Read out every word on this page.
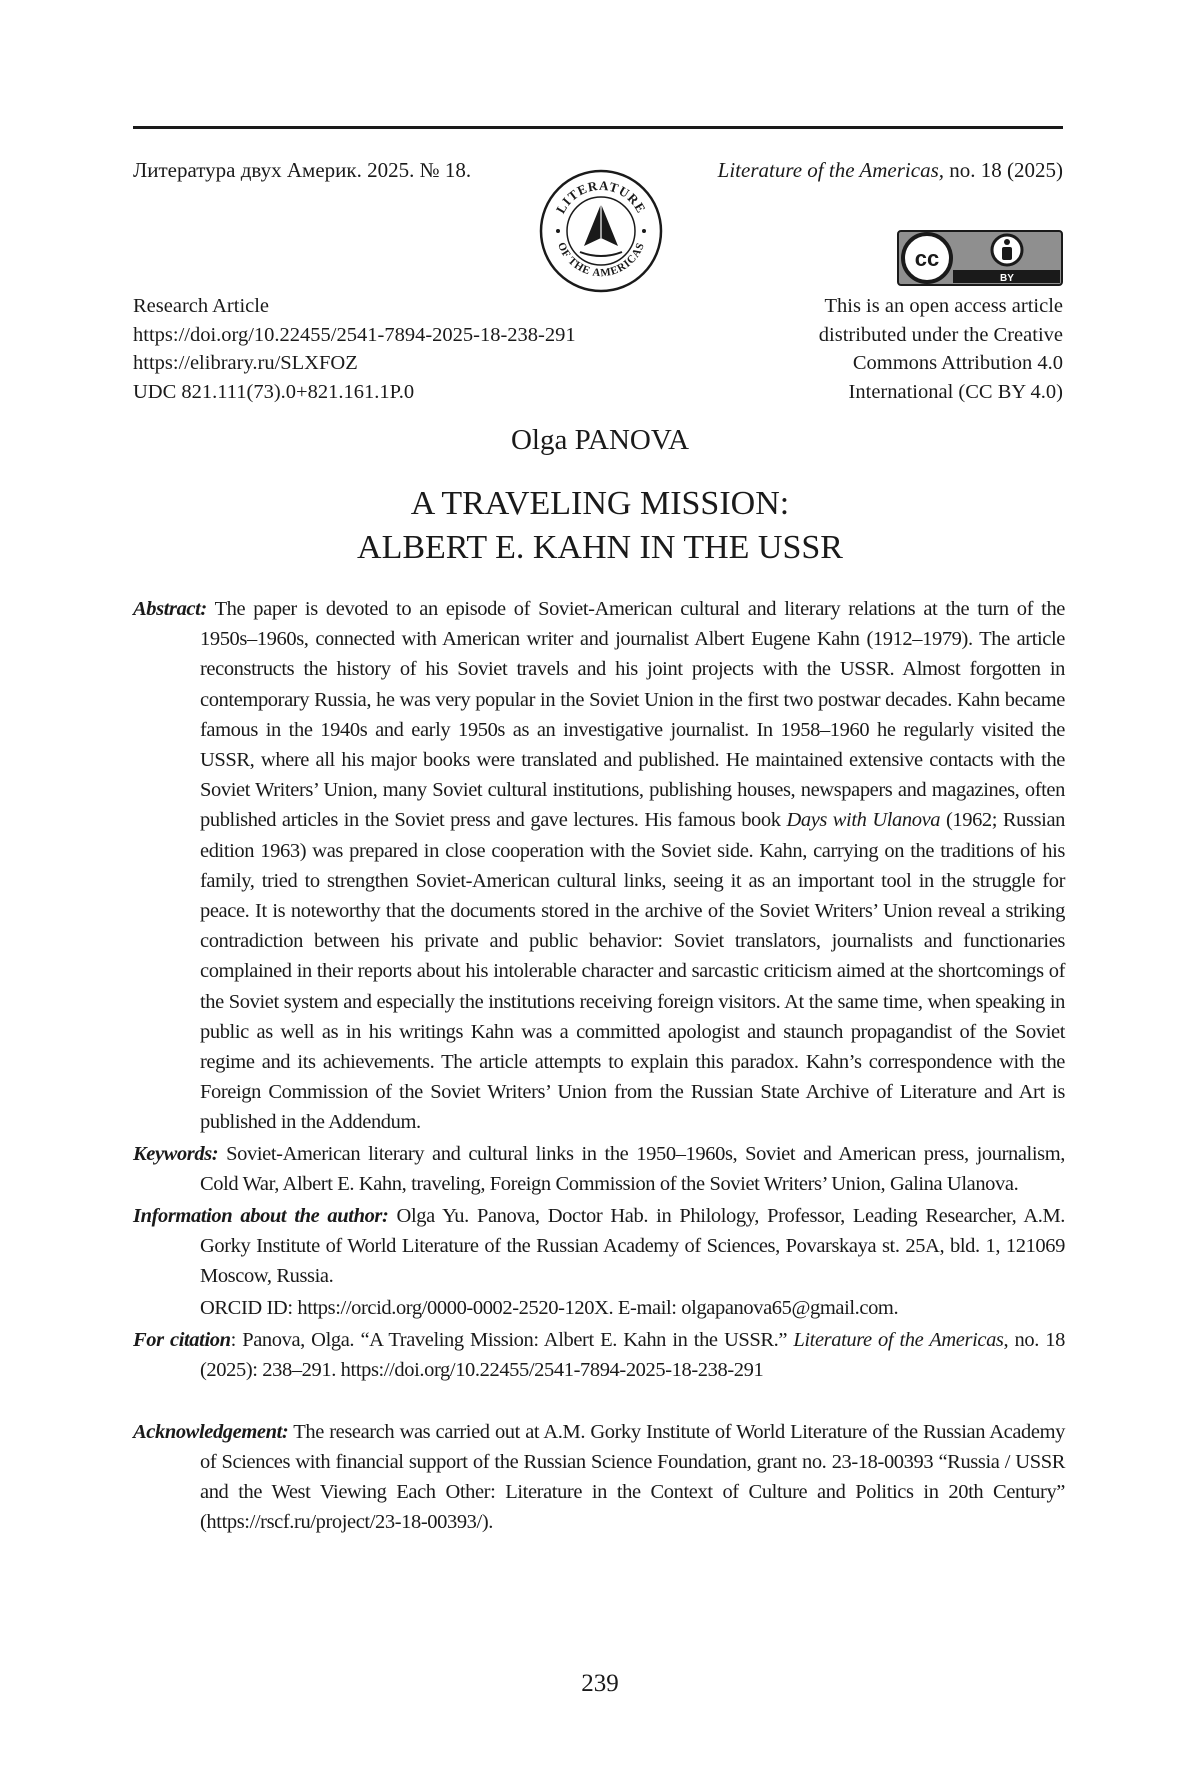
Литература двух Америк. 2025. № 18.	Literature of the Americas, no. 18 (2025)
LITERATURE
OF THE AMERICAS	cc
BY
Research Article
https://doi.org/10.22455/2541-7894-2025-18-238-291
https://elibrary.ru/SLXFOZ
UDC 821.111(73).0+821.161.1P.0
This is an open access article
distributed under the Creative
Commons Attribution 4.0
International (CC BY 4.0)
Olga PANOVA
A TRAVELING MISSION:
ALBERT E. KAHN IN THE USSR

Abstract: The paper is devoted to an episode of Soviet-American cultural and literary relations at the turn of the 1950s–1960s, connected with American writer and journalist Albert Eugene Kahn (1912–1979). The article reconstructs the history of his Soviet travels and his joint projects with the USSR. Almost forgotten in contemporary Russia, he was very popular in the Soviet Union in the first two postwar decades. Kahn became famous in the 1940s and early 1950s as an investigative journalist. In 1958–1960 he regularly visited the USSR, where all his major books were translated and published. He maintained extensive contacts with the Soviet Writers’ Union, many Soviet cultural institutions, publishing houses, newspapers and magazines, often published articles in the Soviet press and gave lectures. His famous book Days with Ulanova (1962; Russian edition 1963) was prepared in close cooperation with the Soviet side. Kahn, carrying on the traditions of his family, tried to strengthen Soviet-American cultural links, seeing it as an important tool in the struggle for peace. It is noteworthy that the documents stored in the archive of the Soviet Writers’ Union reveal a striking contradiction between his private and public behavior: Soviet translators, journalists and functionaries complained in their reports about his intolerable character and sarcastic criticism aimed at the shortcomings of the Soviet system and especially the institutions receiving foreign visitors. At the same time, when speaking in public as well as in his writings Kahn was a committed apologist and staunch propagandist of the Soviet regime and its achievements. The article attempts to explain this paradox. Kahn’s correspondence with the Foreign Commission of the Soviet Writers’ Union from the Russian State Archive of Literature and Art is published in the Addendum.

Keywords: Soviet-American literary and cultural links in the 1950–1960s, Soviet and American press, journalism, Cold War, Albert E. Kahn, traveling, Foreign Commission of the Soviet Writers’ Union, Galina Ulanova.

Information about the author: Olga Yu. Panova, Doctor Hab. in Philology, Professor, Leading Researcher, A.M. Gorky Institute of World Literature of the Russian Academy of Sciences, Povarskaya st. 25A, bld. 1, 121069 Moscow, Russia.

ORCID ID: https://orcid.org/0000-0002-2520-120X. E-mail: olgapanova65@gmail.com.

For citation: Panova, Olga. “A Traveling Mission: Albert E. Kahn in the USSR.” Literature of the Americas, no. 18 (2025): 238–291. https://doi.org/10.22455/2541-7894-2025-18-238-291

Acknowledgement: The research was carried out at A.M. Gorky Institute of World Literature of the Russian Academy of Sciences with financial support of the Russian Science Foundation, grant no. 23-18-00393 “Russia / USSR and the West Viewing Each Other: Literature in the Context of Culture and Politics in 20th Century” (https://rscf.ru/project/23-18-00393/).

239
